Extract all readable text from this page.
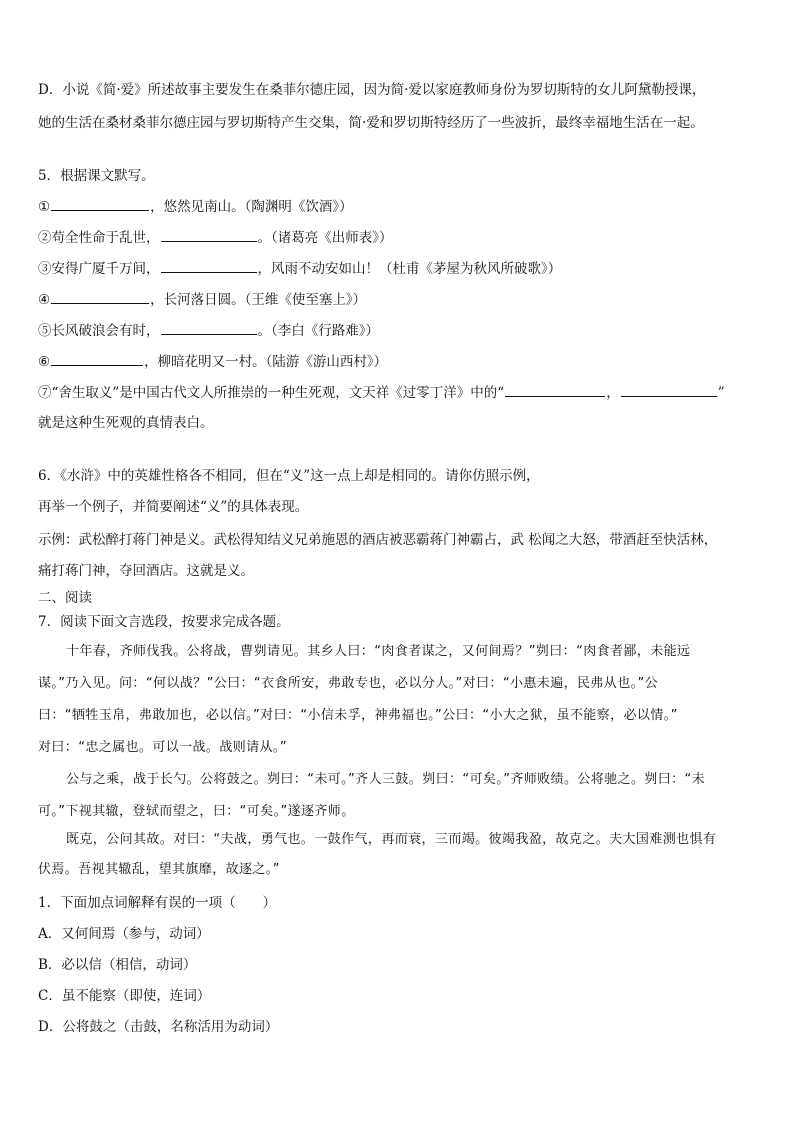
D．小说《简·爱》所述故事主要发生在桑菲尔德庄园，因为简·爱以家庭教师身份为罗切斯特的女儿阿黛勒授课，
她的生活在桑材桑菲尔德庄园与罗切斯特产生交集，简·爱和罗切斯特经历了一些波折，最终幸福地生活在一起。
5．根据课文默写。
①	，悠然见南山。（陶渊明《饮酒》）
②苟全性命于乱世，	。（诸葛亮《出师表》）
③安得广厦千万间，	，风雨不动安如山！（杜甫《茅屋为秋风所破歌》）
④	，长河落日圆。（王维《使至塞上》）
⑤长风破浪会有时，	。（李白《行路难》）
⑥	，柳暗花明又一村。（陆游《游山西村》）
⑦“舍生取义”是中国古代文人所推崇的一种生死观，文天祥《过零丁洋》中的“	，	”
就是这种生死观的真情表白。
6．《水浒》中的英雄性格各不相同，但在“义”这一点上却是相同的。请你仿照示例，
再举一个例子，并简要阐述“义”的具体表现。
示例：武松醉打蒋门神是义。武松得知结义兄弟施恩的酒店被恶霸蒋门神霸占，武 松闻之大怒，带酒赶至快活林，
痛打蒋门神，夺回酒店。这就是义。
二、阅读
7．阅读下面文言选段，按要求完成各题。
十年春，齐师伐我。公将战，曹刿请见。其乡人曰：“肉食者谋之，又何间焉？”刿曰：“肉食者鄙，未能远
谋。”乃入见。问：“何以战？”公曰：“衣食所安，弗敢专也，必以分人。”对曰：“小惠未遍，民弗从也。”公
曰：“牺牲玉帛，弗敢加也，必以信。”对曰：“小信未孚，神弗福也。”公曰：“小大之狱，虽不能察，必以情。”
对曰：“忠之属也。可以一战。战则请从。”
公与之乘，战于长勺。公将鼓之。刿曰：“未可。”齐人三鼓。刿曰：“可矣。”齐师败绩。公将驰之。刿曰：“未
可。”下视其辙，登轼而望之，曰：“可矣。”遂逐齐师。
既克，公问其故。对曰：“夫战，勇气也。一鼓作气，再而衰，三而竭。彼竭我盈，故克之。夫大国难测也惧有
伏焉。吾视其辙乱，望其旗靡，故逐之。”
1．下面加点词解释有误的一项（　　）
A．又何间焉（参与，动词）
B．必以信（相信，动词）
C．虽不能察（即使，连词）
D．公将鼓之（击鼓，名称活用为动词）
